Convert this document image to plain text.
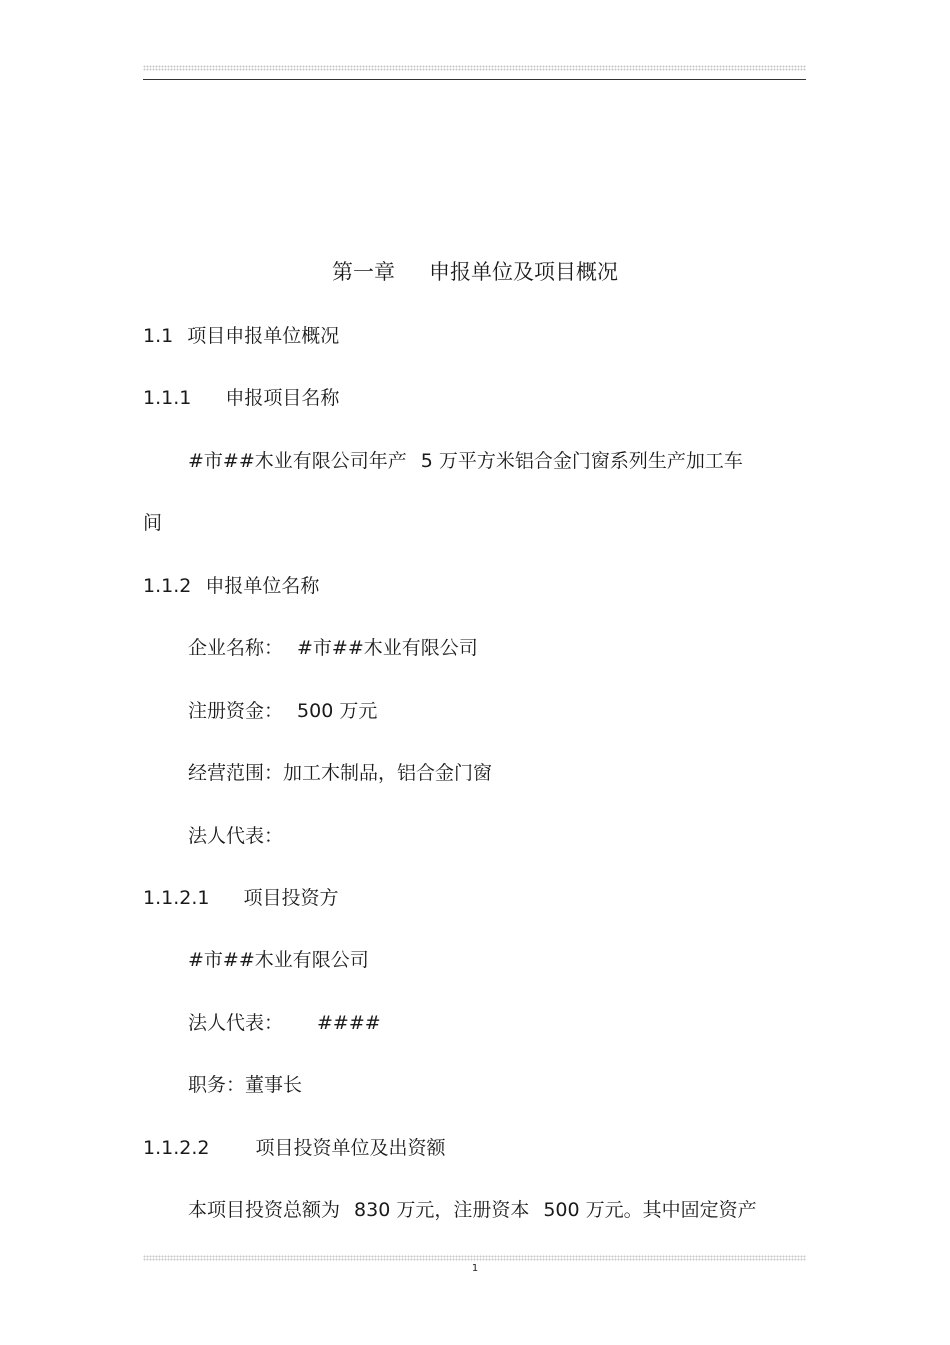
第一章 申报单位及项目概况
1.1 项目申报单位概况
1.1.1 申报项目名称
#市##木业有限公司年产 5 万平方米铝合金门窗系列生产加工车
间
1.1.2 申报单位名称
企业名称： #市##木业有限公司
注册资金： 500 万元
经营范围：加工木制品，铝合金门窗
法人代表：
1.1.2.1 项目投资方
#市##木业有限公司
法人代表： ####
职务：董事长
1.1.2.2 项目投资单位及出资额
本项目投资总额为 830 万元，注册资本 500 万元。其中固定资产
1
